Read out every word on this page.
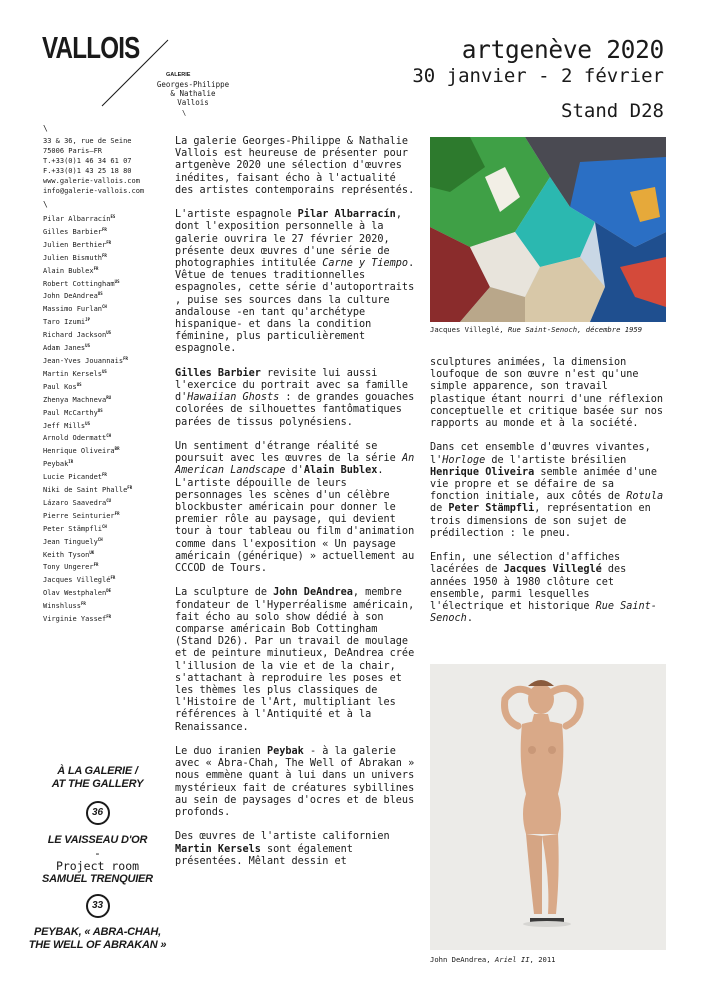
VALLOIS
GALERIE
Georges-Philippe
& Nathalie
Vallois
\
artgenève 2020
30 janvier - 2 février
Stand D28
\
33 & 36, rue de Seine
75006 Paris—FR
T.+33(0)1 46 34 61 07
F.+33(0)1 43 25 18 80
www.galerie-vallois.com
info@galerie-vallois.com
\
Pilar Albarracín$^{ES}$
Gilles Barbier$^{FR}$
Julien Berthier$^{FR}$
Julien Bismuth$^{FR}$
Alain Bublex$^{FR}$
Robert Cottingham$^{US}$
John DeAndrea$^{US}$
Massimo Furlan$^{CH}$
Taro Izumi$^{JP}$
Richard Jackson$^{US}$
Adam Janes$^{US}$
Jean-Yves Jouannais$^{FR}$
Martin Kersels$^{US}$
Paul Kos$^{US}$
Zhenya Machneva$^{RU}$
Paul McCarthy$^{US}$
Jeff Mills$^{US}$
Arnold Odermatt$^{CH}$
Henrique Oliveira$^{BR}$
Peybak$^{IR}$
Lucie Picandet$^{FR}$
Niki de Saint Phalle$^{FR}$
Lázaro Saavedra$^{CU}$
Pierre Seinturier$^{FR}$
Peter Stämpfli$^{CH}$
Jean Tinguely$^{CH}$
Keith Tyson$^{UK}$
Tony Ungerer$^{FR}$
Jacques Villeglé$^{FR}$
Olav Westphalen$^{DE}$
Winshluss$^{FR}$
Virginie Yassef$^{FR}$
À LA GALERIE /
AT THE GALLERY
36
LE VAISSEAU D'OR
-
Project room
SAMUEL TRENQUIER
33
PEYBAK, « ABRA-CHAH,
THE WELL OF ABRAKAN »

La galerie Georges-Philippe & Nathalie Vallois est heureuse de présenter pour artgenève 2020 une sélection d'œuvres inédites, faisant écho à l'actualité des artistes contemporains représentés.

L'artiste espagnole Pilar Albarracín, dont l'exposition personnelle à la galerie ouvrira le 27 février 2020, présente deux œuvres d'une série de photographies intitulée Carne y Tiempo. Vêtue de tenues traditionnelles espagnoles, cette série d'autoportraits , puise ses sources dans la culture andalouse -en tant qu'archétype hispanique- et dans la condition féminine, plus particulièrement espagnole.

Gilles Barbier revisite lui aussi l'exercice du portrait avec sa famille d'Hawaiian Ghosts : de grandes gouaches colorées de silhouettes fantômatiques parées de tissus polynésiens.

Un sentiment d'étrange réalité se poursuit avec les œuvres de la série An American Landscape d'Alain Bublex. L'artiste dépouille de leurs personnages les scènes d'un célèbre blockbuster américain pour donner le premier rôle au paysage, qui devient tour à tour tableau ou film d'animation comme dans l'exposition « Un paysage américain (générique) » actuellement au CCCOD de Tours.

La sculpture de John DeAndrea, membre fondateur de l'Hyperréalisme américain, fait écho au solo show dédié à son comparse américain Bob Cottingham (Stand D26). Par un travail de moulage et de peinture minutieux, DeAndrea crée l'illusion de la vie et de la chair, s'attachant à reproduire les poses et les thèmes les plus classiques de l'Histoire de l'Art, multipliant les références à l'Antiquité et à la Renaissance.

Le duo iranien Peybak - à la galerie avec « Abra-Chah, The Well of Abrakan » nous emmène quant à lui dans un univers mystérieux fait de créatures sybillines au sein de paysages d'ocres et de bleus profonds.

Des œuvres de l'artiste californien Martin Kersels sont également présentées. Mêlant dessin et

Jacques Villeglé, Rue Saint-Senoch, décembre 1959

sculptures animées, la dimension loufoque de son œuvre n'est qu'une simple apparence, son travail plastique étant nourri d'une réflexion conceptuelle et critique basée sur nos rapports au monde et à la société.

Dans cet ensemble d'œuvres vivantes, l'Horloge de l'artiste brésilien Henrique Oliveira semble animée d'une vie propre et se défaire de sa fonction initiale, aux côtés de Rotula de Peter Stämpfli, représentation en trois dimensions de son sujet de prédilection : le pneu.

Enfin, une sélection d'affiches lacérées de Jacques Villeglé des années 1950 à 1980 clôture cet ensemble, parmi lesquelles l'électrique et historique Rue Saint-Senoch.

John DeAndrea, Ariel II, 2011
